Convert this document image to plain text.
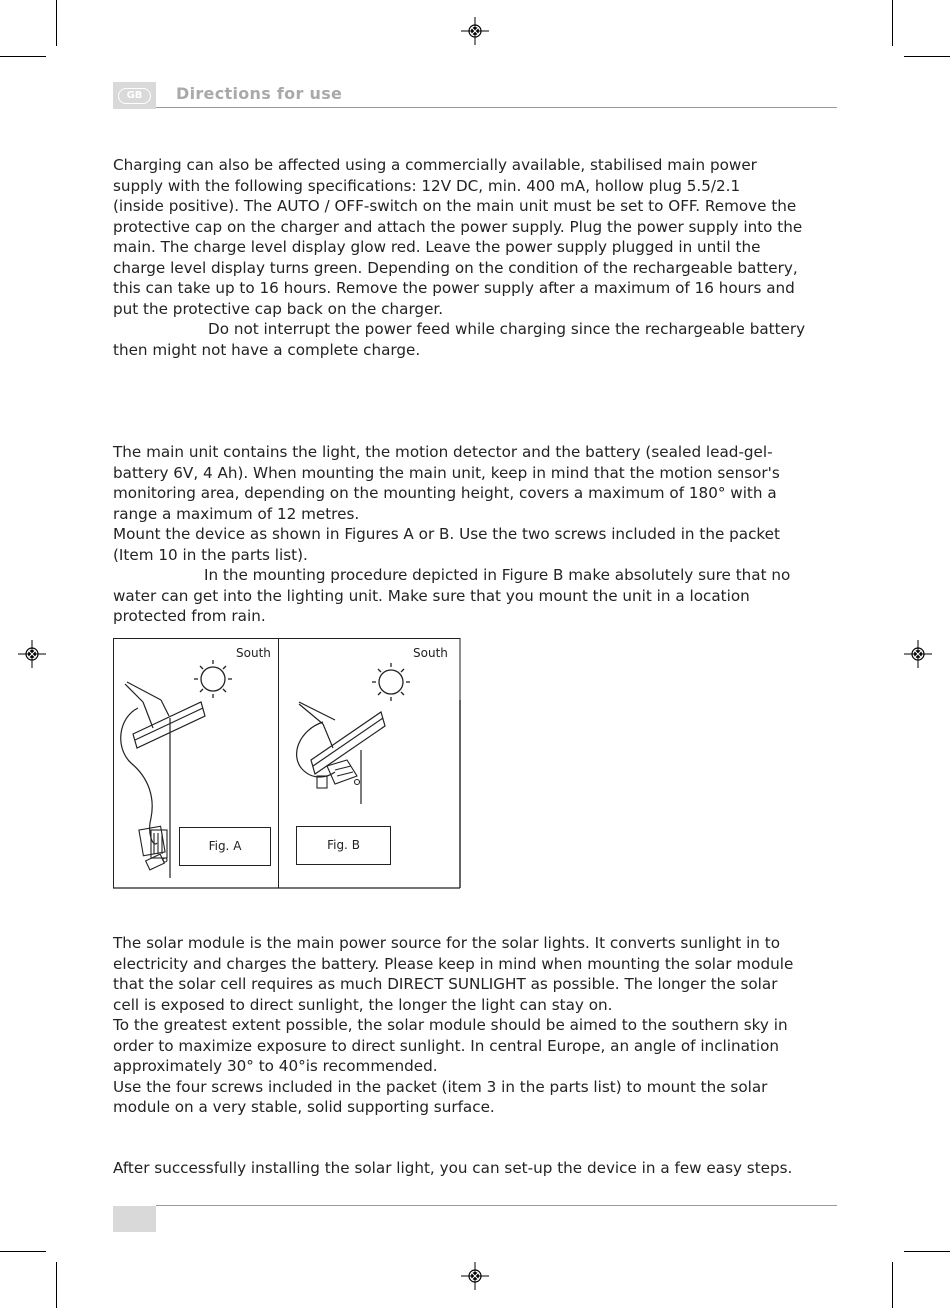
GB	Directions for use
Charging can also be affected using a commercially available, stabilised main power
supply with the following specifications: 12V DC, min. 400 mA, hollow plug 5.5/2.1
(inside positive). The AUTO / OFF-switch on the main unit must be set to OFF. Remove the
protective cap on the charger and attach the power supply. Plug the power supply into the
main. The charge level display glow red. Leave the power supply plugged in until the
charge level display turns green. Depending on the condition of the rechargeable battery,
this can take up to 16 hours. Remove the power supply after a maximum of 16 hours and
put the protective cap back on the charger.
Do not interrupt the power feed while charging since the rechargeable battery
then might not have a complete charge.
The main unit contains the light, the motion detector and the battery (sealed lead-gel-
battery 6V, 4 Ah). When mounting the main unit, keep in mind that the motion sensor's
monitoring area, depending on the mounting height, covers a maximum of 180° with a
range a maximum of 12 metres.
Mount the device as shown in Figures A or B. Use the two screws included in the packet
(Item 10 in the parts list).
In the mounting procedure depicted in Figure B make absolutely sure that no
water can get into the lighting unit. Make sure that you mount the unit in a location
protected from rain.
South	South
Fig. A	Fig. B
The solar module is the main power source for the solar lights. It converts sunlight in to
electricity and charges the battery. Please keep in mind when mounting the solar module
that the solar cell requires as much DIRECT SUNLIGHT as possible. The longer the solar
cell is exposed to direct sunlight, the longer the light can stay on.
To the greatest extent possible, the solar module should be aimed to the southern sky in
order to maximize exposure to direct sunlight. In central Europe, an angle of inclination
approximately 30° to 40°is recommended.
Use the four screws included in the packet (item 3 in the parts list) to mount the solar
module on a very stable, solid supporting surface.
After successfully installing the solar light, you can set-up the device in a few easy steps.
